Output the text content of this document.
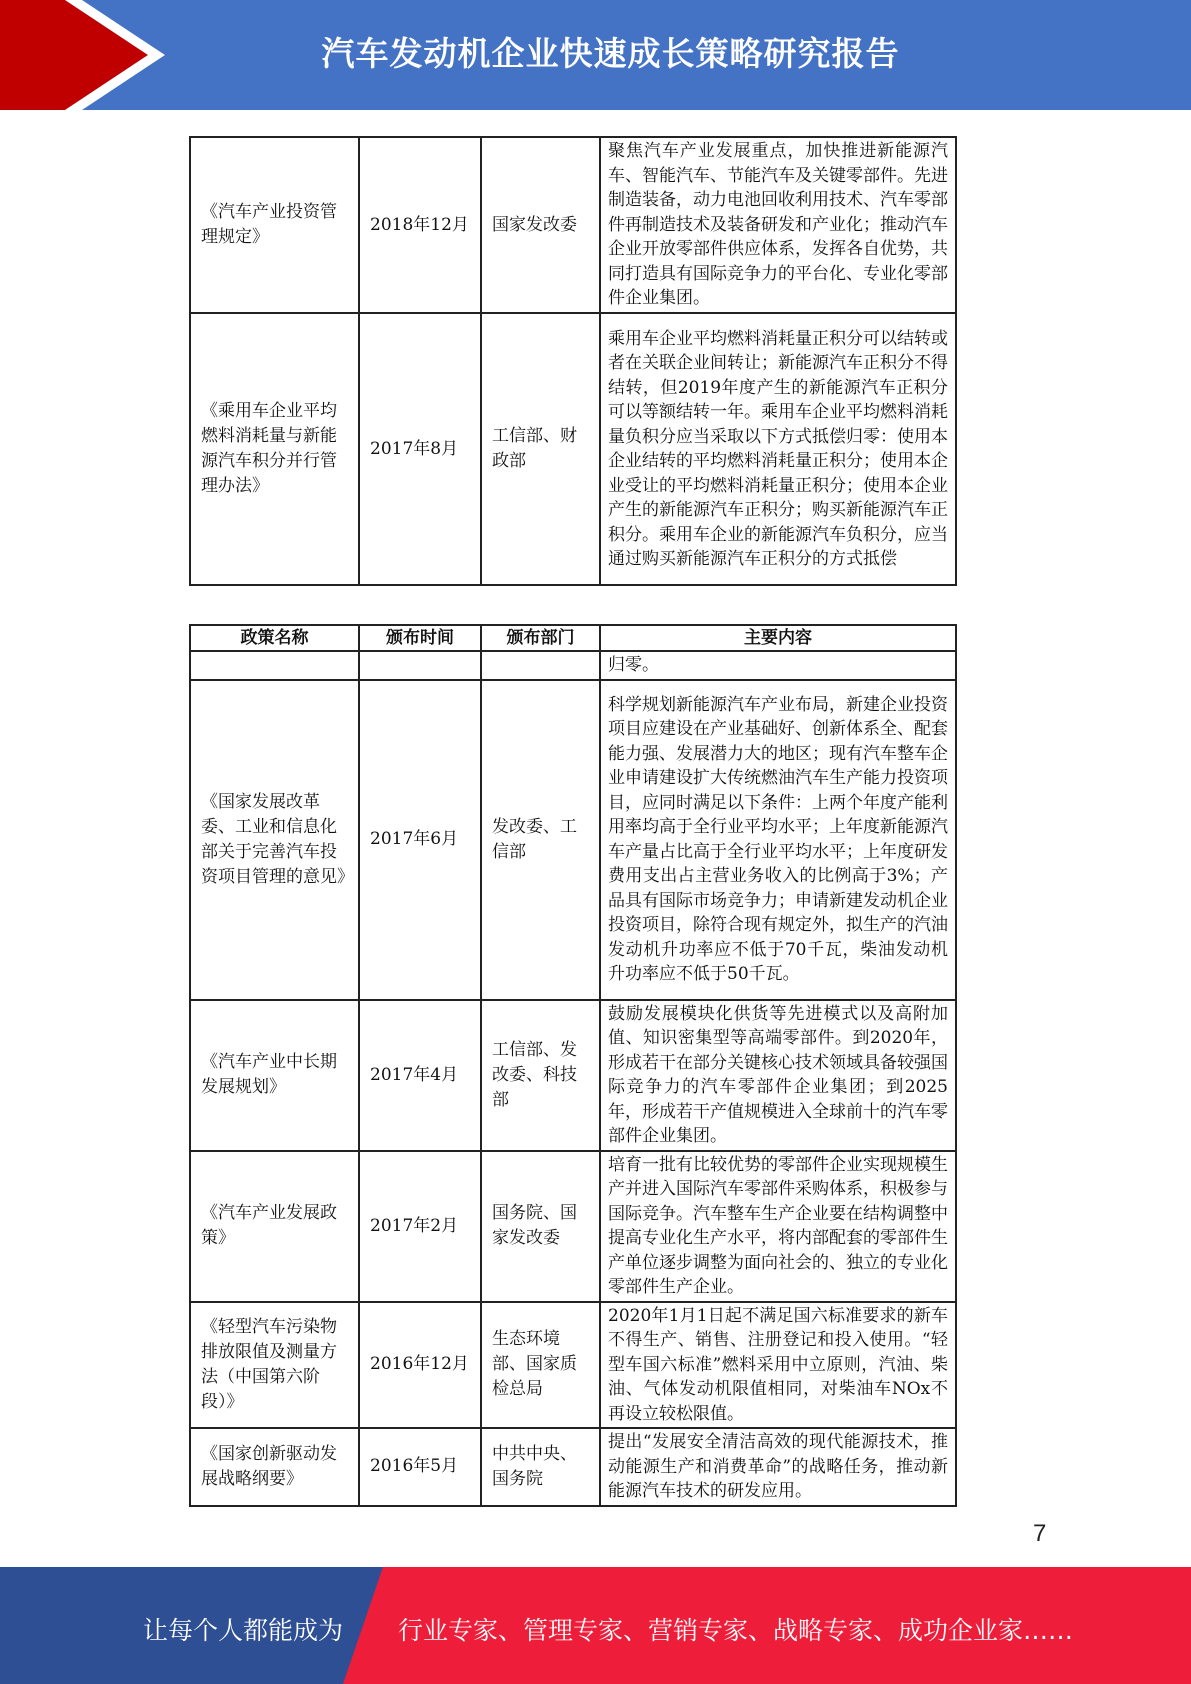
汽车发动机企业快速成长策略研究报告
《汽车产业投资管理规定》	2018年12月	国家发改委	聚焦汽车产业发展重点，加快推进新能源汽车、智能汽车、节能汽车及关键零部件。先进制造装备，动力电池回收利用技术、汽车零部件再制造技术及装备研发和产业化；推动汽车企业开放零部件供应体系，发挥各自优势，共同打造具有国际竞争力的平台化、专业化零部件企业集团。
《乘用车企业平均燃料消耗量与新能源汽车积分并行管理办法》	2017年8月	工信部、财政部	乘用车企业平均燃料消耗量正积分可以结转或者在关联企业间转让；新能源汽车正积分不得结转，但2019年度产生的新能源汽车正积分可以等额结转一年。乘用车企业平均燃料消耗量负积分应当采取以下方式抵偿归零：使用本企业结转的平均燃料消耗量正积分；使用本企业受让的平均燃料消耗量正积分；使用本企业产生的新能源汽车正积分；购买新能源汽车正积分。乘用车企业的新能源汽车负积分，应当通过购买新能源汽车正积分的方式抵偿
政策名称	颁布时间	颁布部门	主要内容
			归零。
《国家发展改革委、工业和信息化部关于完善汽车投资项目管理的意见》	2017年6月	发改委、工信部	科学规划新能源汽车产业布局，新建企业投资项目应建设在产业基础好、创新体系全、配套能力强、发展潜力大的地区；现有汽车整车企业申请建设扩大传统燃油汽车生产能力投资项目，应同时满足以下条件：上两个年度产能利用率均高于全行业平均水平；上年度新能源汽车产量占比高于全行业平均水平；上年度研发费用支出占主营业务收入的比例高于3%；产品具有国际市场竞争力；申请新建发动机企业投资项目，除符合现有规定外，拟生产的汽油发动机升功率应不低于70千瓦，柴油发动机升功率应不低于50千瓦。
《汽车产业中长期发展规划》	2017年4月	工信部、发改委、科技部	鼓励发展模块化供货等先进模式以及高附加值、知识密集型等高端零部件。到2020年，形成若干在部分关键核心技术领域具备较强国际竞争力的汽车零部件企业集团；到2025年，形成若干产值规模进入全球前十的汽车零部件企业集团。
《汽车产业发展政策》	2017年2月	国务院、国家发改委	培育一批有比较优势的零部件企业实现规模生产并进入国际汽车零部件采购体系，积极参与国际竞争。汽车整车生产企业要在结构调整中提高专业化生产水平，将内部配套的零部件生产单位逐步调整为面向社会的、独立的专业化零部件生产企业。
《轻型汽车污染物排放限值及测量方法（中国第六阶段）》	2016年12月	生态环境部、国家质检总局	2020年1月1日起不满足国六标准要求的新车不得生产、销售、注册登记和投入使用。“轻型车国六标准”燃料采用中立原则，汽油、柴油、气体发动机限值相同，对柴油车NOx不再设立较松限值。
《国家创新驱动发展战略纲要》	2016年5月	中共中央、国务院	提出“发展安全清洁高效的现代能源技术，推动能源生产和消费革命”的战略任务，推动新能源汽车技术的研发应用。
7
让每个人都能成为 行业专家、管理专家、营销专家、战略专家、成功企业家……
